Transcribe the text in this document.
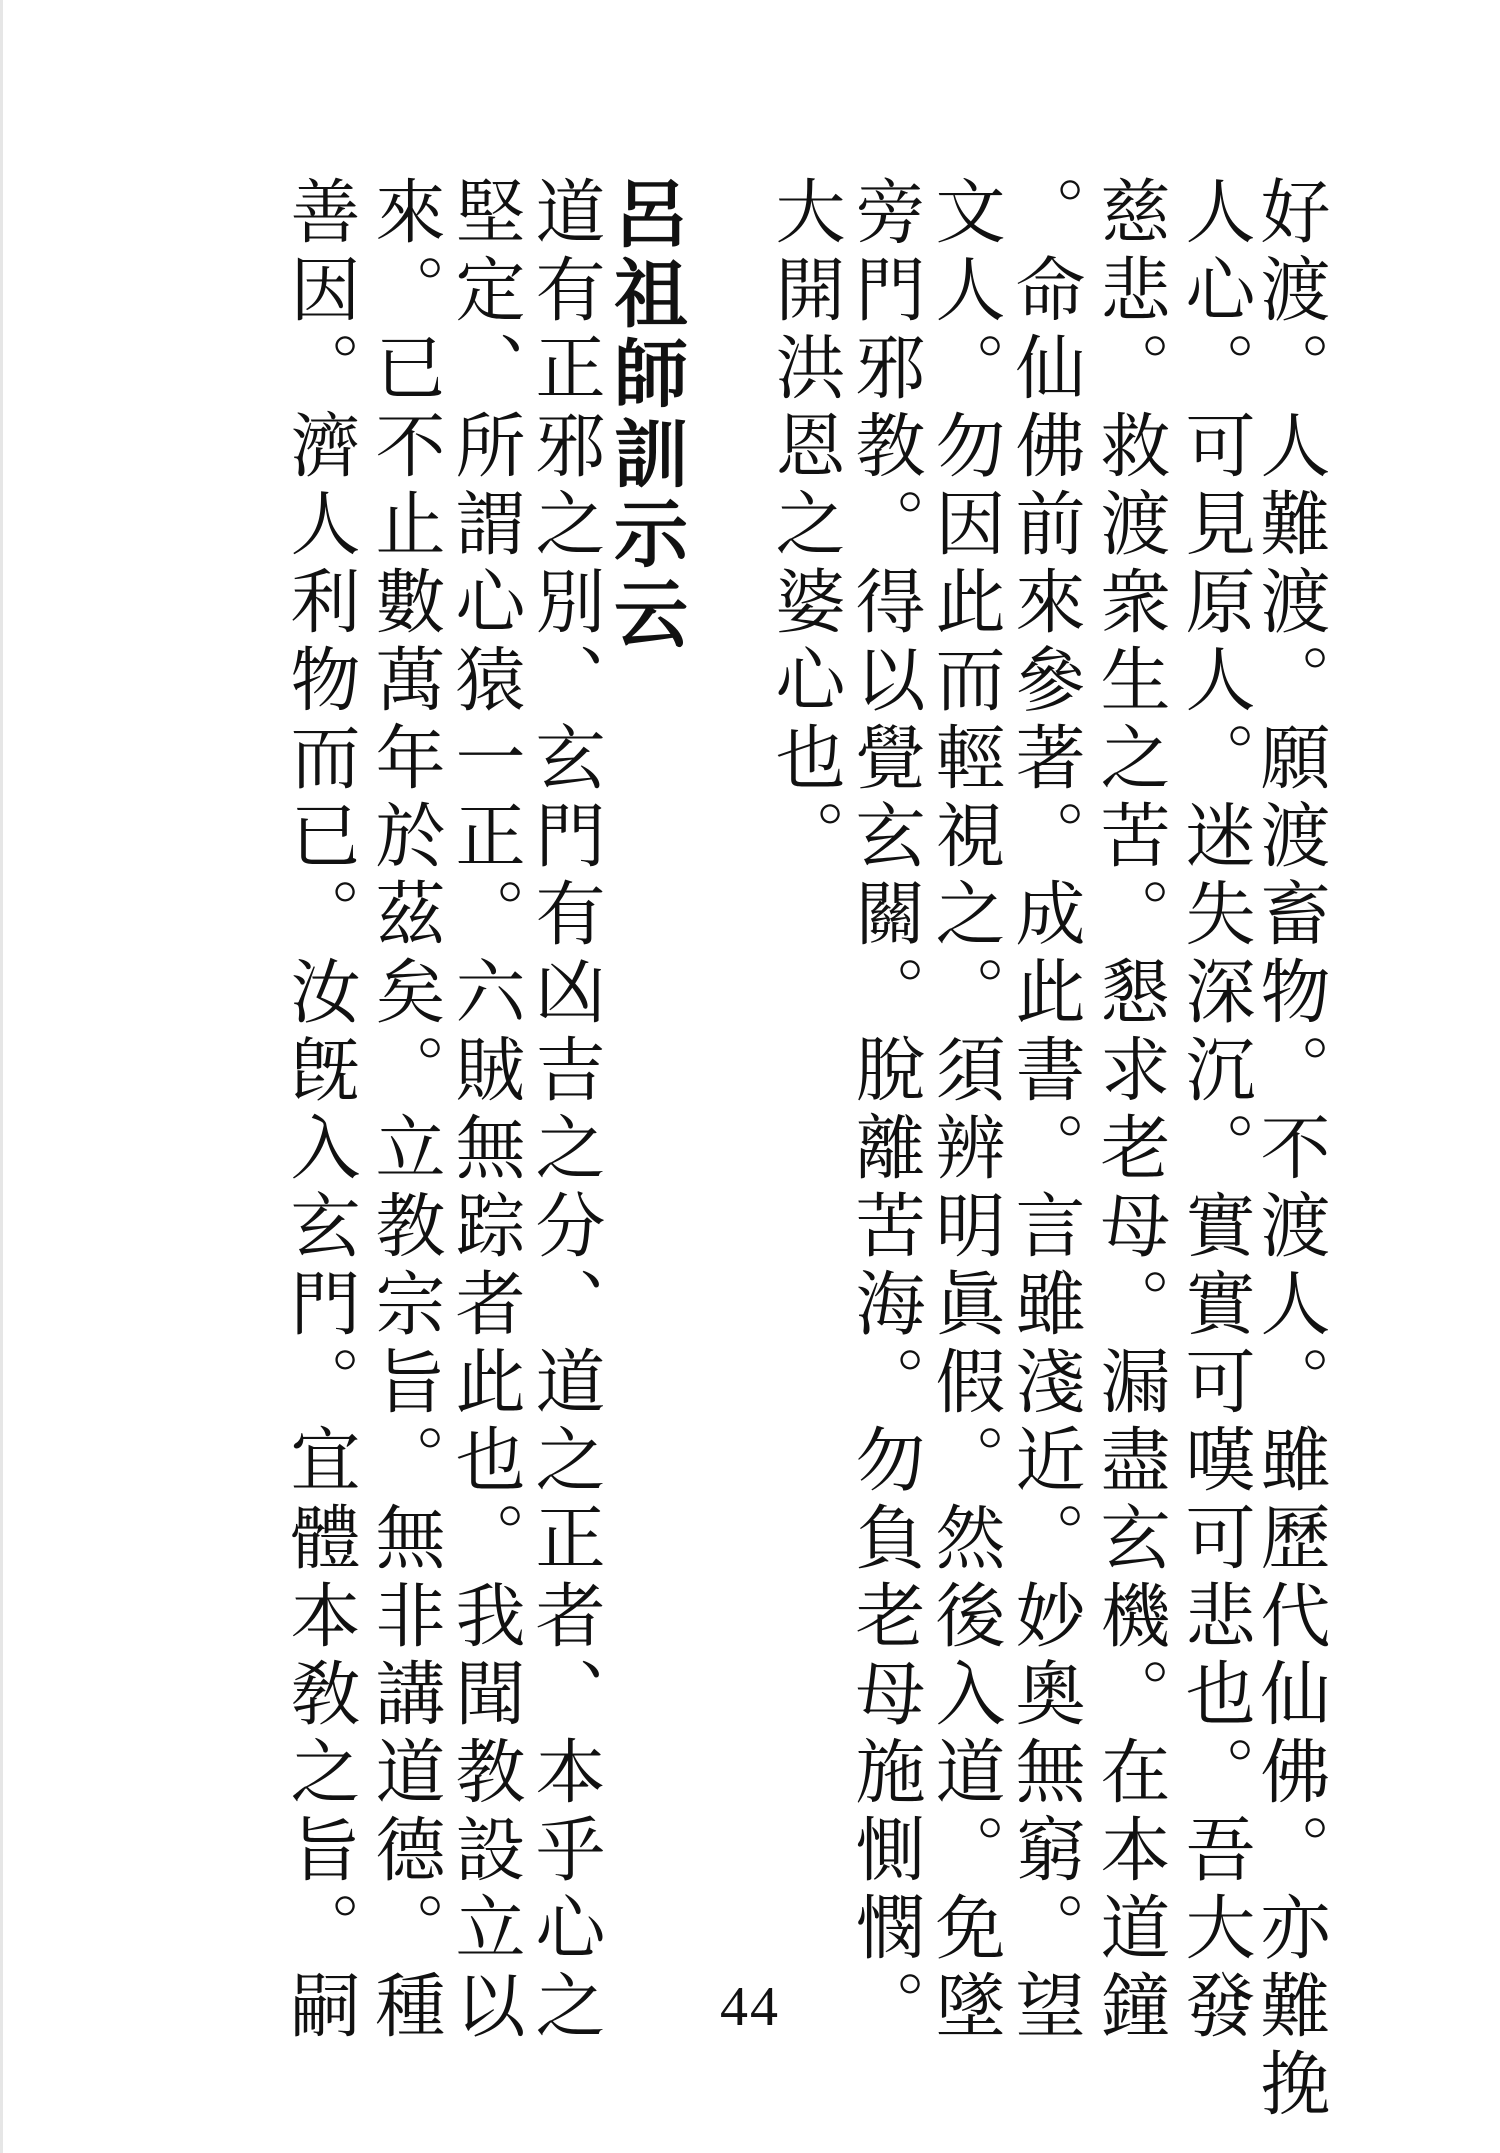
好渡。人難渡。願渡畜物。不渡人。雖歷代仙佛。亦難挽
人心。可見原人。迷失深沉。實實可嘆可悲也。吾大發
慈悲。救渡衆生之苦。懇求老母。漏盡玄機。在本道鐘
。命仙佛前來參著。成此書。言雖淺近。妙奧無窮。望
文人。勿因此而輕視之。須辨明眞假。然後入道。免墜
旁門邪教。得以覺玄關。脫離苦海。勿負老母施惻憫。
大開洪恩之婆心也。
呂祖師訓示云
道有正邪之別、玄門有凶吉之分、道之正者、本乎心之
堅定、所謂心猿一正。六賊無踪者此也。我聞教設立以
來。已不止數萬年於茲矣。立教宗旨。無非講道德。種
善因。濟人利物而已。汝旣入玄門。宜體本敎之旨。嗣	44
